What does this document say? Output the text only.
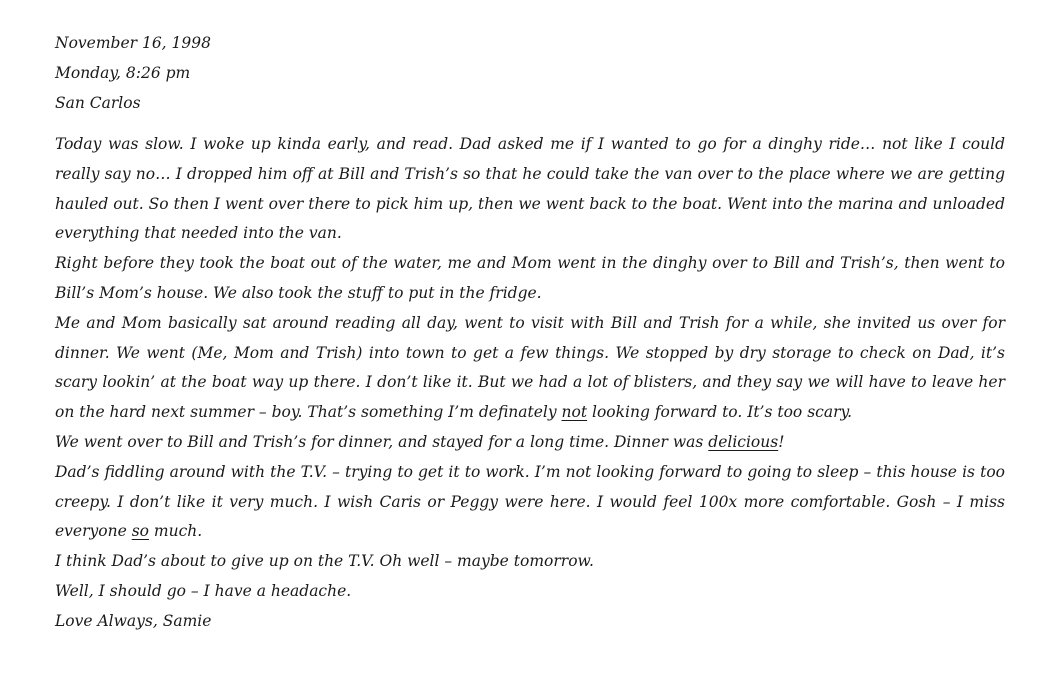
November 16, 1998
Monday, 8:26 pm
San Carlos

Today was slow. I woke up kinda early, and read. Dad asked me if I wanted to go for a dinghy ride… not like I could really say no… I dropped him off at Bill and Trish’s so that he could take the van over to the place where we are getting hauled out. So then I went over there to pick him up, then we went back to the boat. Went into the marina and unloaded everything that needed into the van.

Right before they took the boat out of the water, me and Mom went in the dinghy over to Bill and Trish’s, then went to Bill’s Mom’s house. We also took the stuff to put in the fridge.

Me and Mom basically sat around reading all day, went to visit with Bill and Trish for a while, she invited us over for dinner. We went (Me, Mom and Trish) into town to get a few things. We stopped by dry storage to check on Dad, it’s scary lookin’ at the boat way up there. I don’t like it. But we had a lot of blisters, and they say we will have to leave her on the hard next summer – boy. That’s something I’m definately not looking forward to. It’s too scary.

We went over to Bill and Trish’s for dinner, and stayed for a long time. Dinner was delicious!

Dad’s fiddling around with the T.V. – trying to get it to work. I’m not looking forward to going to sleep – this house is too creepy. I don’t like it very much. I wish Caris or Peggy were here. I would feel 100x more comfortable. Gosh – I miss everyone so much.

I think Dad’s about to give up on the T.V. Oh well – maybe tomorrow.

Well, I should go – I have a headache.

Love Always, Samie
